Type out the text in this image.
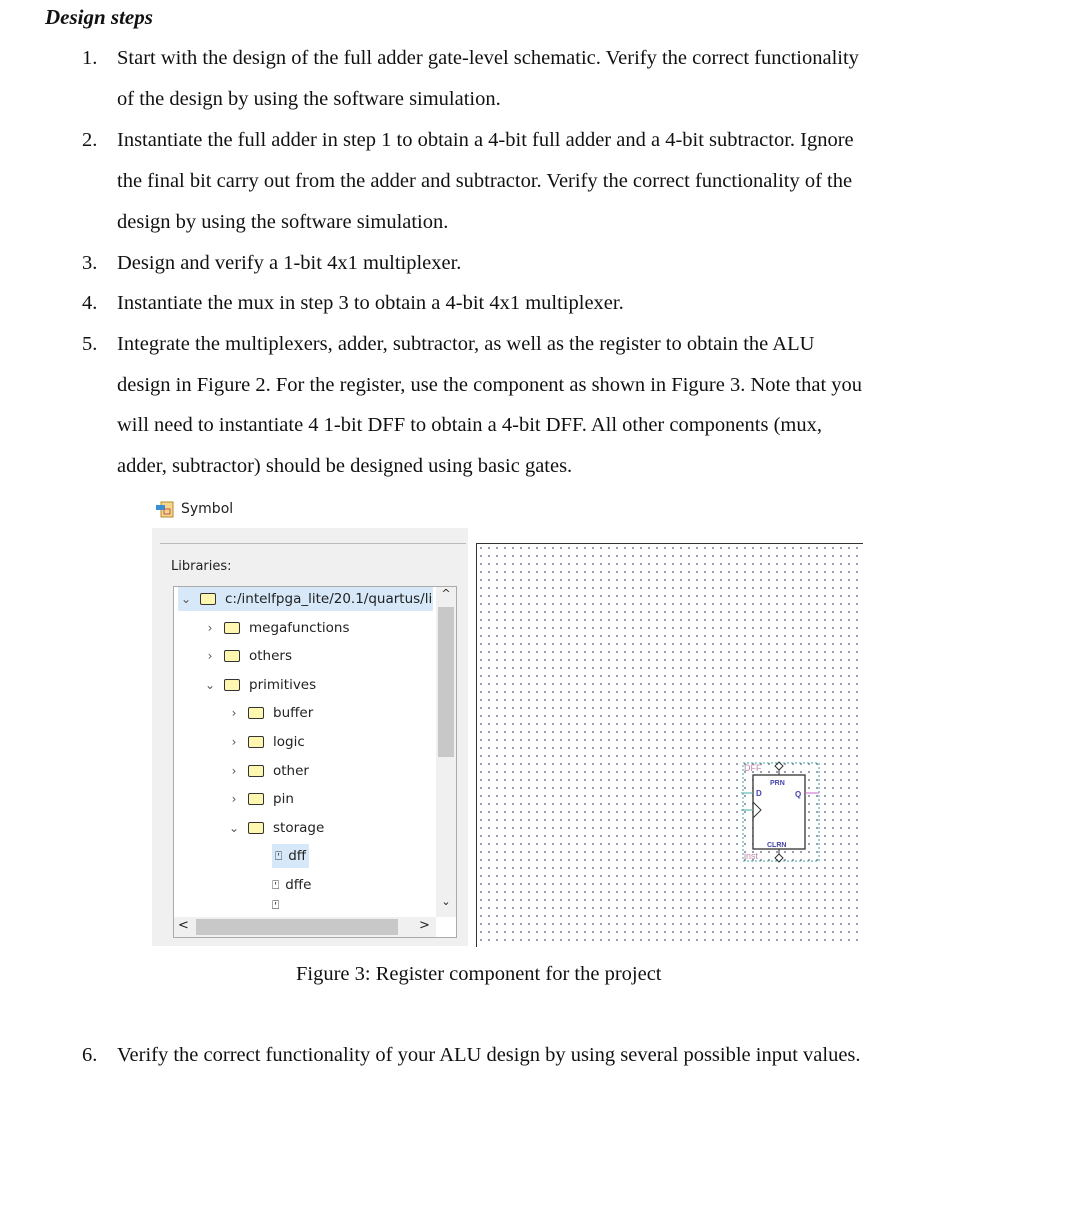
Design steps
1. Start with the design of the full adder gate-level schematic. Verify the correct functionality
of the design by using the software simulation.
2. Instantiate the full adder in step 1 to obtain a 4-bit full adder and a 4-bit subtractor. Ignore
the final bit carry out from the adder and subtractor. Verify the correct functionality of the
design by using the software simulation.
3. Design and verify a 1-bit 4x1 multiplexer.
4. Instantiate the mux in step 3 to obtain a 4-bit 4x1 multiplexer.
5. Integrate the multiplexers, adder, subtractor, as well as the register to obtain the ALU
design in Figure 2. For the register, use the component as shown in Figure 3. Note that you
will need to instantiate 4 1-bit DFF to obtain a 4-bit DFF. All other components (mux,
adder, subtractor) should be designed using basic gates.
6. Verify the correct functionality of your ALU design by using several possible input values.
Symbol
Libraries:
⌄	c:/intelfpga_lite/20.1/quartus/li
›	megafunctions
›	others
⌄	primitives
›	buffer
›	logic
›	other
›	pin
⌄	storage
⍞ dff
⍞ dffe
⍞
^
⌄
<	>
DFF
PRN
CLRN
D	Q
inst
Figure 3: Register component for the project
